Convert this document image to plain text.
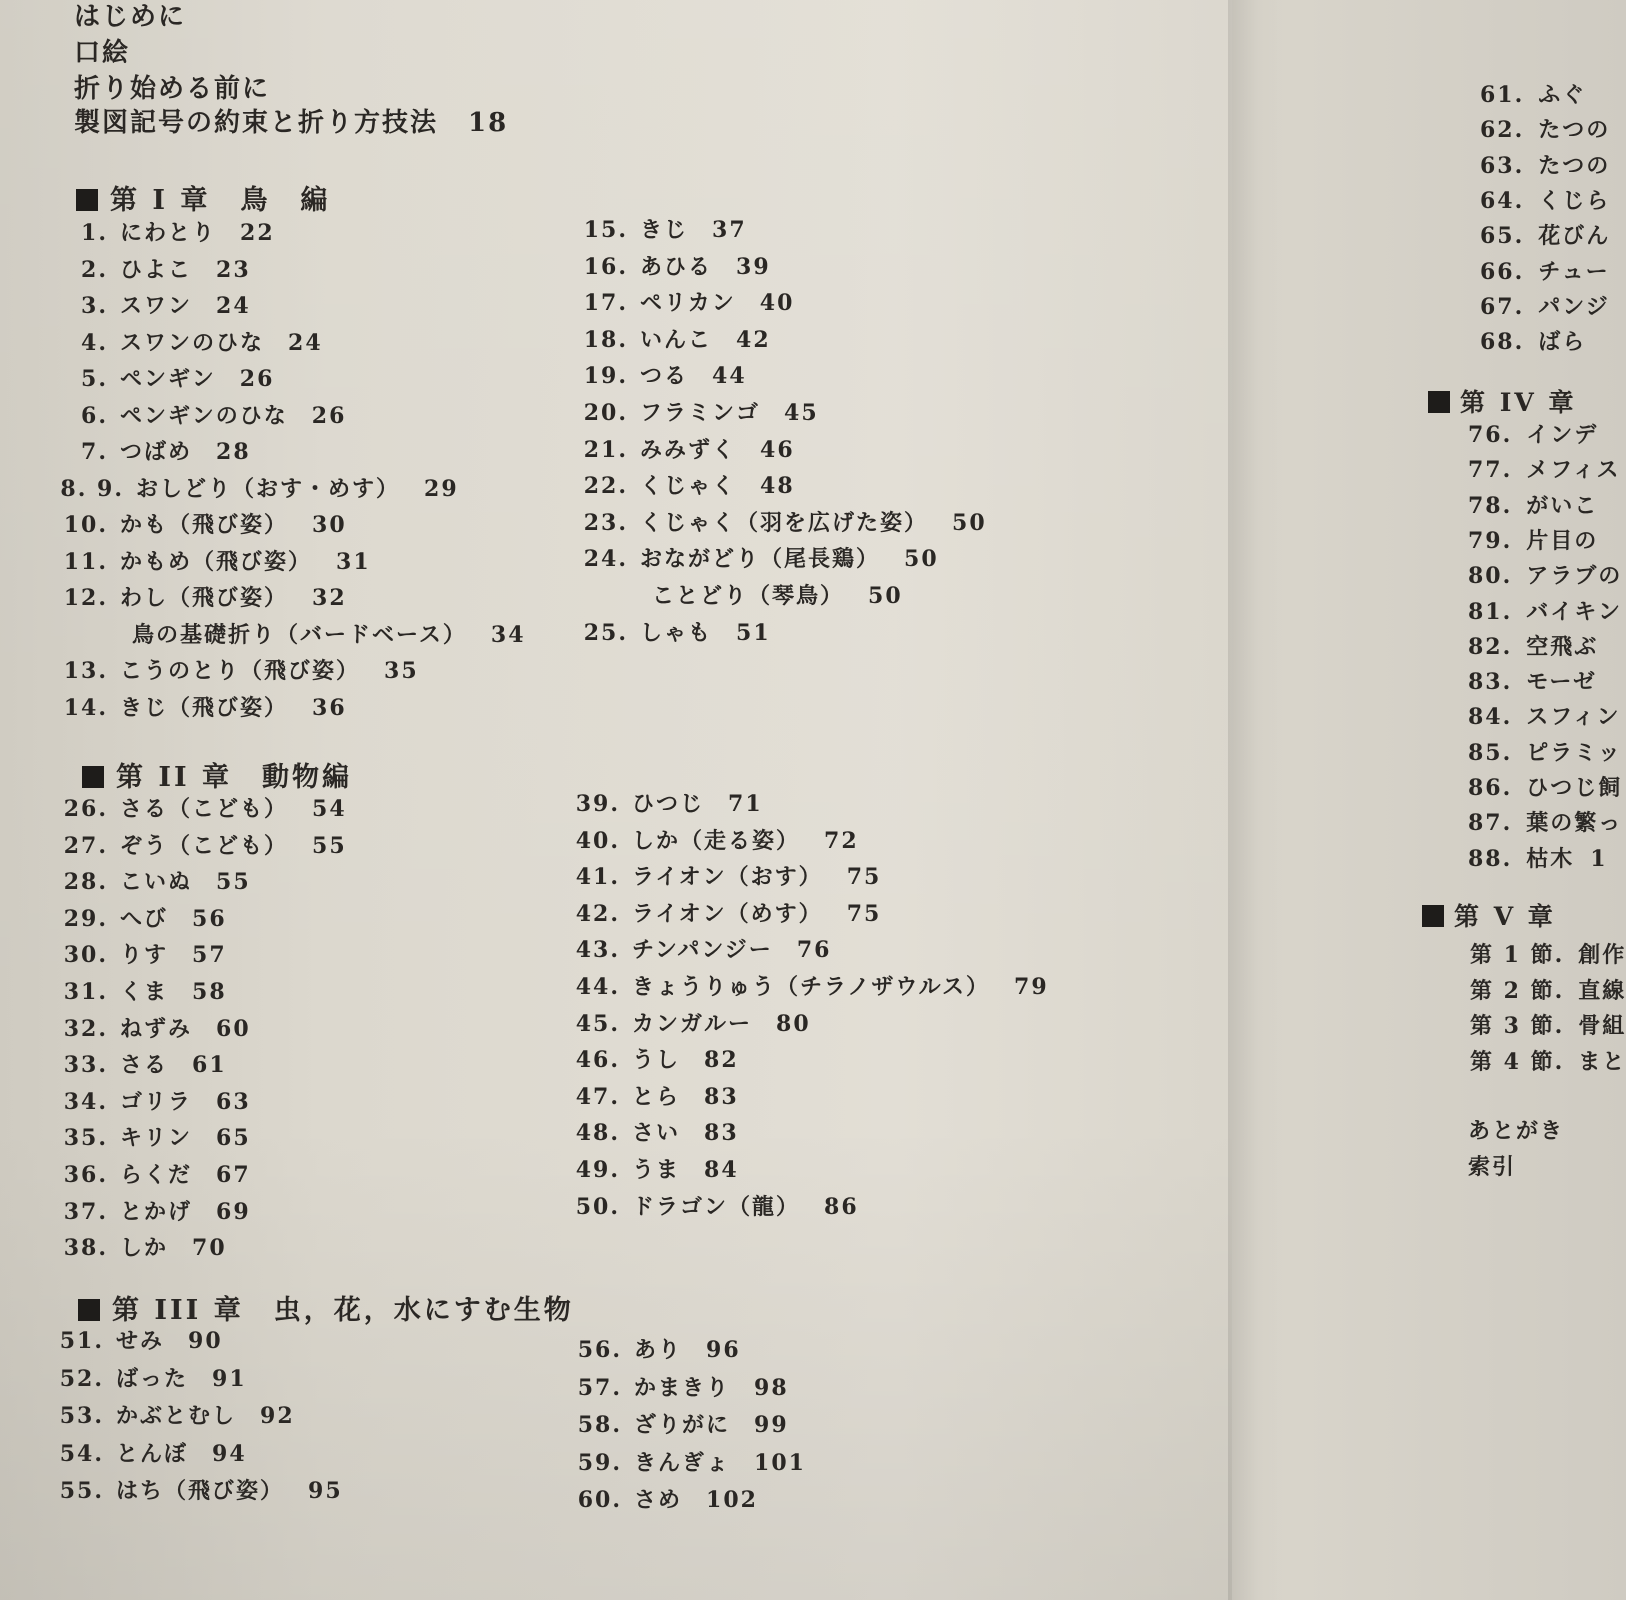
はじめに
口絵
折り始める前に
製図記号の約束と折り方技法 18
第 I 章　鳥　編
1. にわとり 22
2. ひよこ 23
3. スワン 24
4. スワンのひな 24
5. ペンギン 26
6. ペンギンのひな 26
7. つばめ 28
8. 9. おしどり（おす・めす） 29
10. かも（飛び姿） 30
11. かもめ（飛び姿） 31
12. わし（飛び姿） 32
鳥の基礎折り（バードベース） 34
13. こうのとり（飛び姿） 35
14. きじ（飛び姿） 36
15. きじ 37
16. あひる 39
17. ペリカン 40
18. いんこ 42
19. つる 44
20. フラミンゴ 45
21. みみずく 46
22. くじゃく 48
23. くじゃく（羽を広げた姿） 50
24. おながどり（尾長鶏） 50
ことどり（琴鳥） 50
25. しゃも 51
第 II 章　動物編
26. さる（こども） 54
27. ぞう（こども） 55
28. こいぬ 55
29. へび 56
30. りす 57
31. くま 58
32. ねずみ 60
33. さる 61
34. ゴリラ 63
35. キリン 65
36. らくだ 67
37. とかげ 69
38. しか 70
39. ひつじ 71
40. しか（走る姿） 72
41. ライオン（おす） 75
42. ライオン（めす） 75
43. チンパンジー 76
44. きょうりゅう（チラノザウルス） 79
45. カンガルー 80
46. うし 82
47. とら 83
48. さい 83
49. うま 84
50. ドラゴン（龍） 86
第 III 章　虫，花，水にすむ生物
51. せみ 90
52. ばった 91
53. かぶとむし 92
54. とんぼ 94
55. はち（飛び姿） 95
56. あり 96
57. かまきり 98
58. ざりがに 99
59. きんぎょ 101
60. さめ 102
61. ふぐ
62. たつの
63. たつの
64. くじら
65. 花びん
66. チュー
67. パンジ
68. ばら
第 IV 章
76. インデ
77. メフィス
78. がいこ
79. 片目の
80. アラブの
81. バイキン
82. 空飛ぶ
83. モーゼ
84. スフィン
85. ピラミッ
86. ひつじ飼
87. 葉の繁っ
88. 枯木 1
第 V 章
第 1 節. 創作
第 2 節. 直線
第 3 節. 骨組
第 4 節. まと
あとがき
索引
